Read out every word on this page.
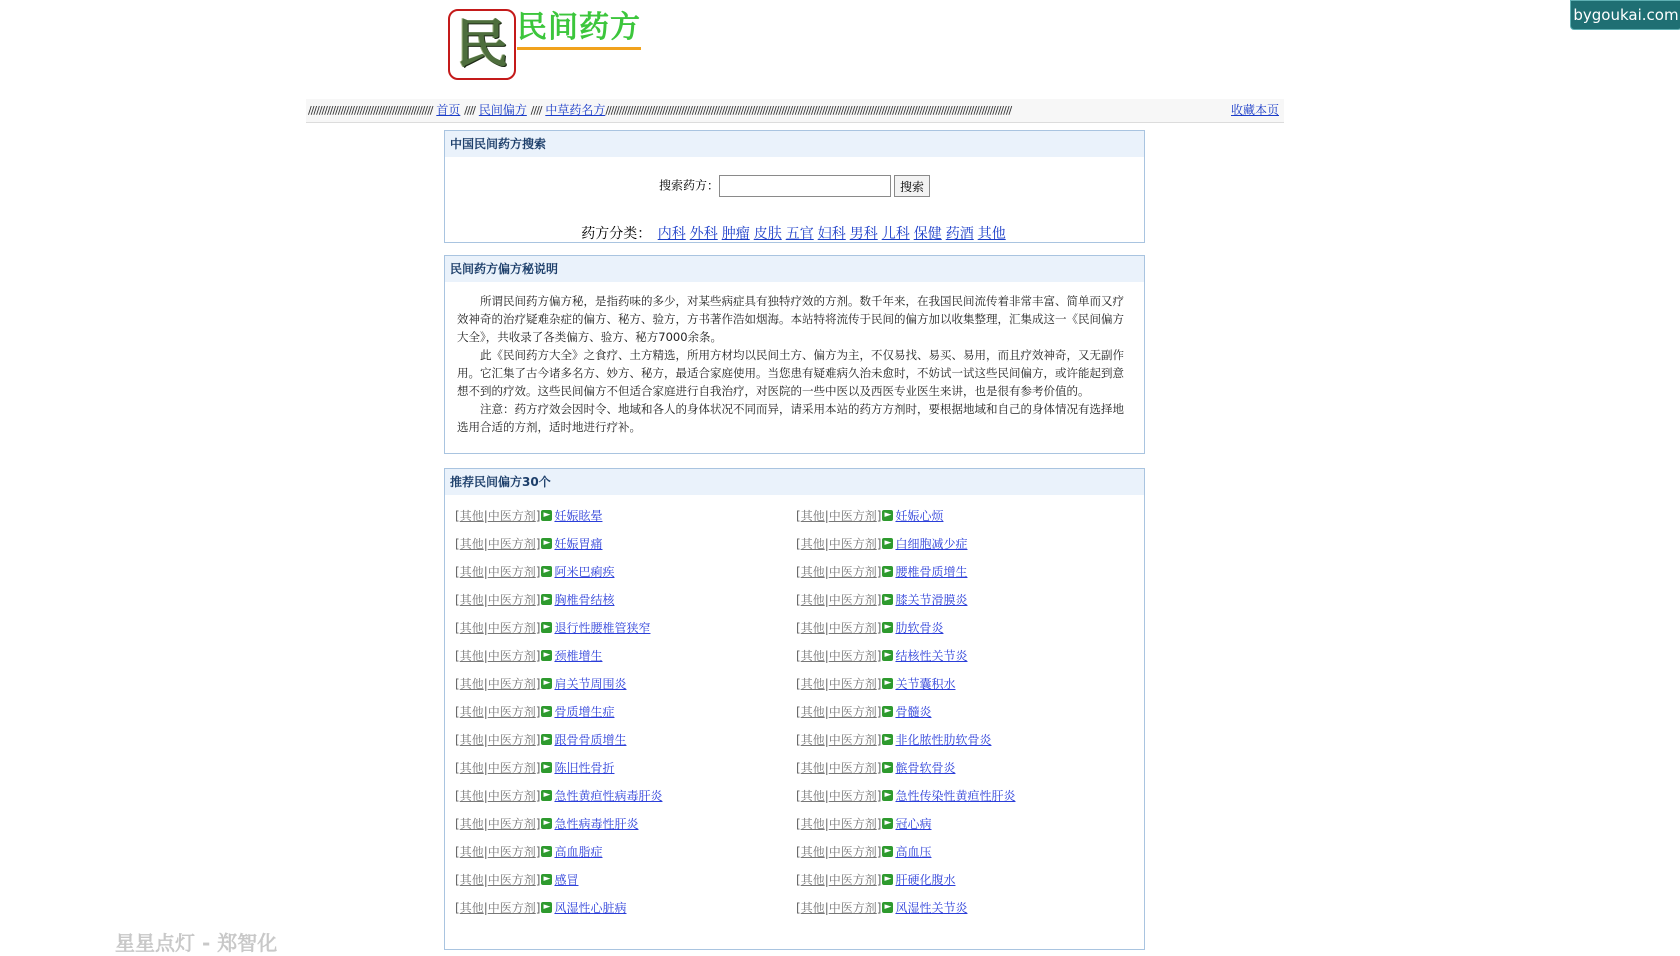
bygoukai.com
民 民间药方
////////////////////////////////////////////// 首页 //// 民间偏方 //// 中草药名方//////////////////////////////////////////////////////////////////////////////////////////////////////////////////////////////////////////////////////	收藏本页
中国民间药方搜索
搜索药方：	搜索
药方分类： 内科 外科 肿瘤 皮肤 五官 妇科 男科 儿科 保健 药酒 其他
民间药方偏方秘说明

所谓民间药方偏方秘，是指药味的多少，对某些病症具有独特疗效的方剂。数千年来，在我国民间流传着非常丰富、简单而又疗效神奇的治疗疑难杂症的偏方、秘方、验方，方书著作浩如烟海。本站特将流传于民间的偏方加以收集整理，汇集成这一《民间偏方大全》，共收录了各类偏方、验方、秘方7000余条。

此《民间药方大全》之食疗、土方精选，所用方材均以民间土方、偏方为主，不仅易找、易买、易用，而且疗效神奇，又无副作用。它汇集了古今诸多名方、妙方、秘方，最适合家庭使用。当您患有疑难病久治未愈时，不妨试一试这些民间偏方，或许能起到意想不到的疗效。这些民间偏方不但适合家庭进行自我治疗，对医院的一些中医以及西医专业医生来讲，也是很有参考价值的。

注意：药方疗效会因时令、地域和各人的身体状况不同而异，请采用本站的药方方剂时，要根据地域和自己的身体情况有选择地选用合适的方剂，适时地进行疗补。

推荐民间偏方30个
[其他|中医方剂] ► 妊娠眩晕	[其他|中医方剂] ► 妊娠心烦
[其他|中医方剂] ► 妊娠胃痛	[其他|中医方剂] ► 白细胞减少症
[其他|中医方剂] ► 阿米巴痢疾	[其他|中医方剂] ► 腰椎骨质增生
[其他|中医方剂] ► 胸椎骨结核	[其他|中医方剂] ► 膝关节滑膜炎
[其他|中医方剂] ► 退行性腰椎管狭窄	[其他|中医方剂] ► 肋软骨炎
[其他|中医方剂] ► 颈椎增生	[其他|中医方剂] ► 结核性关节炎
[其他|中医方剂] ► 肩关节周围炎	[其他|中医方剂] ► 关节囊积水
[其他|中医方剂] ► 骨质增生症	[其他|中医方剂] ► 骨髓炎
[其他|中医方剂] ► 跟骨骨质增生	[其他|中医方剂] ► 非化脓性肋软骨炎
[其他|中医方剂] ► 陈旧性骨折	[其他|中医方剂] ► 髌骨软骨炎
[其他|中医方剂] ► 急性黄疸性病毒肝炎	[其他|中医方剂] ► 急性传染性黄疸性肝炎
[其他|中医方剂] ► 急性病毒性肝炎	[其他|中医方剂] ► 冠心病
[其他|中医方剂] ► 高血脂症	[其他|中医方剂] ► 高血压
[其他|中医方剂] ► 感冒	[其他|中医方剂] ► 肝硬化腹水
[其他|中医方剂] ► 风湿性心脏病	[其他|中医方剂] ► 风湿性关节炎
星星点灯 - 郑智化
